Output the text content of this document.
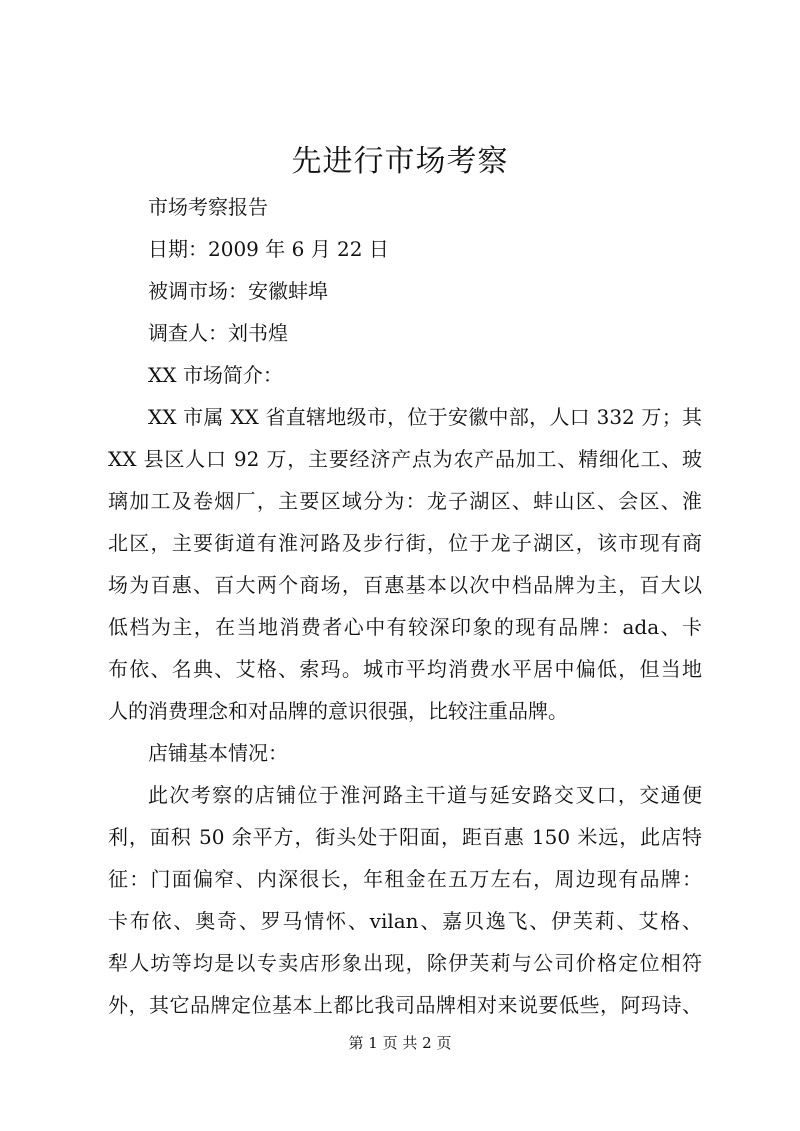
先进行市场考察
市场考察报告
日期：2009 年 6 月 22 日
被调市场：安徽蚌埠
调查人：刘书煌
XX 市场简介：
XX 市属 XX 省直辖地级市，位于安徽中部，人口 332 万；其
XX 县区人口 92 万，主要经济产点为农产品加工、精细化工、玻
璃加工及卷烟厂，主要区域分为：龙子湖区、蚌山区、会区、淮
北区，主要街道有淮河路及步行街，位于龙子湖区，该市现有商
场为百惠、百大两个商场，百惠基本以次中档品牌为主，百大以
低档为主，在当地消费者心中有较深印象的现有品牌：ada、卡
布依、名典、艾格、索玛。城市平均消费水平居中偏低，但当地
人的消费理念和对品牌的意识很强，比较注重品牌。
店铺基本情况：
此次考察的店铺位于淮河路主干道与延安路交叉口，交通便
利，面积 50 余平方，街头处于阳面，距百惠 150 米远，此店特
征：门面偏窄、内深很长，年租金在五万左右，周边现有品牌：
卡布依、奥奇、罗马情怀、vilan、嘉贝逸飞、伊芙莉、艾格、
犁人坊等均是以专卖店形象出现，除伊芙莉与公司价格定位相符
外，其它品牌定位基本上都比我司品牌相对来说要低些，阿玛诗、
第 1 页 共 2 页
